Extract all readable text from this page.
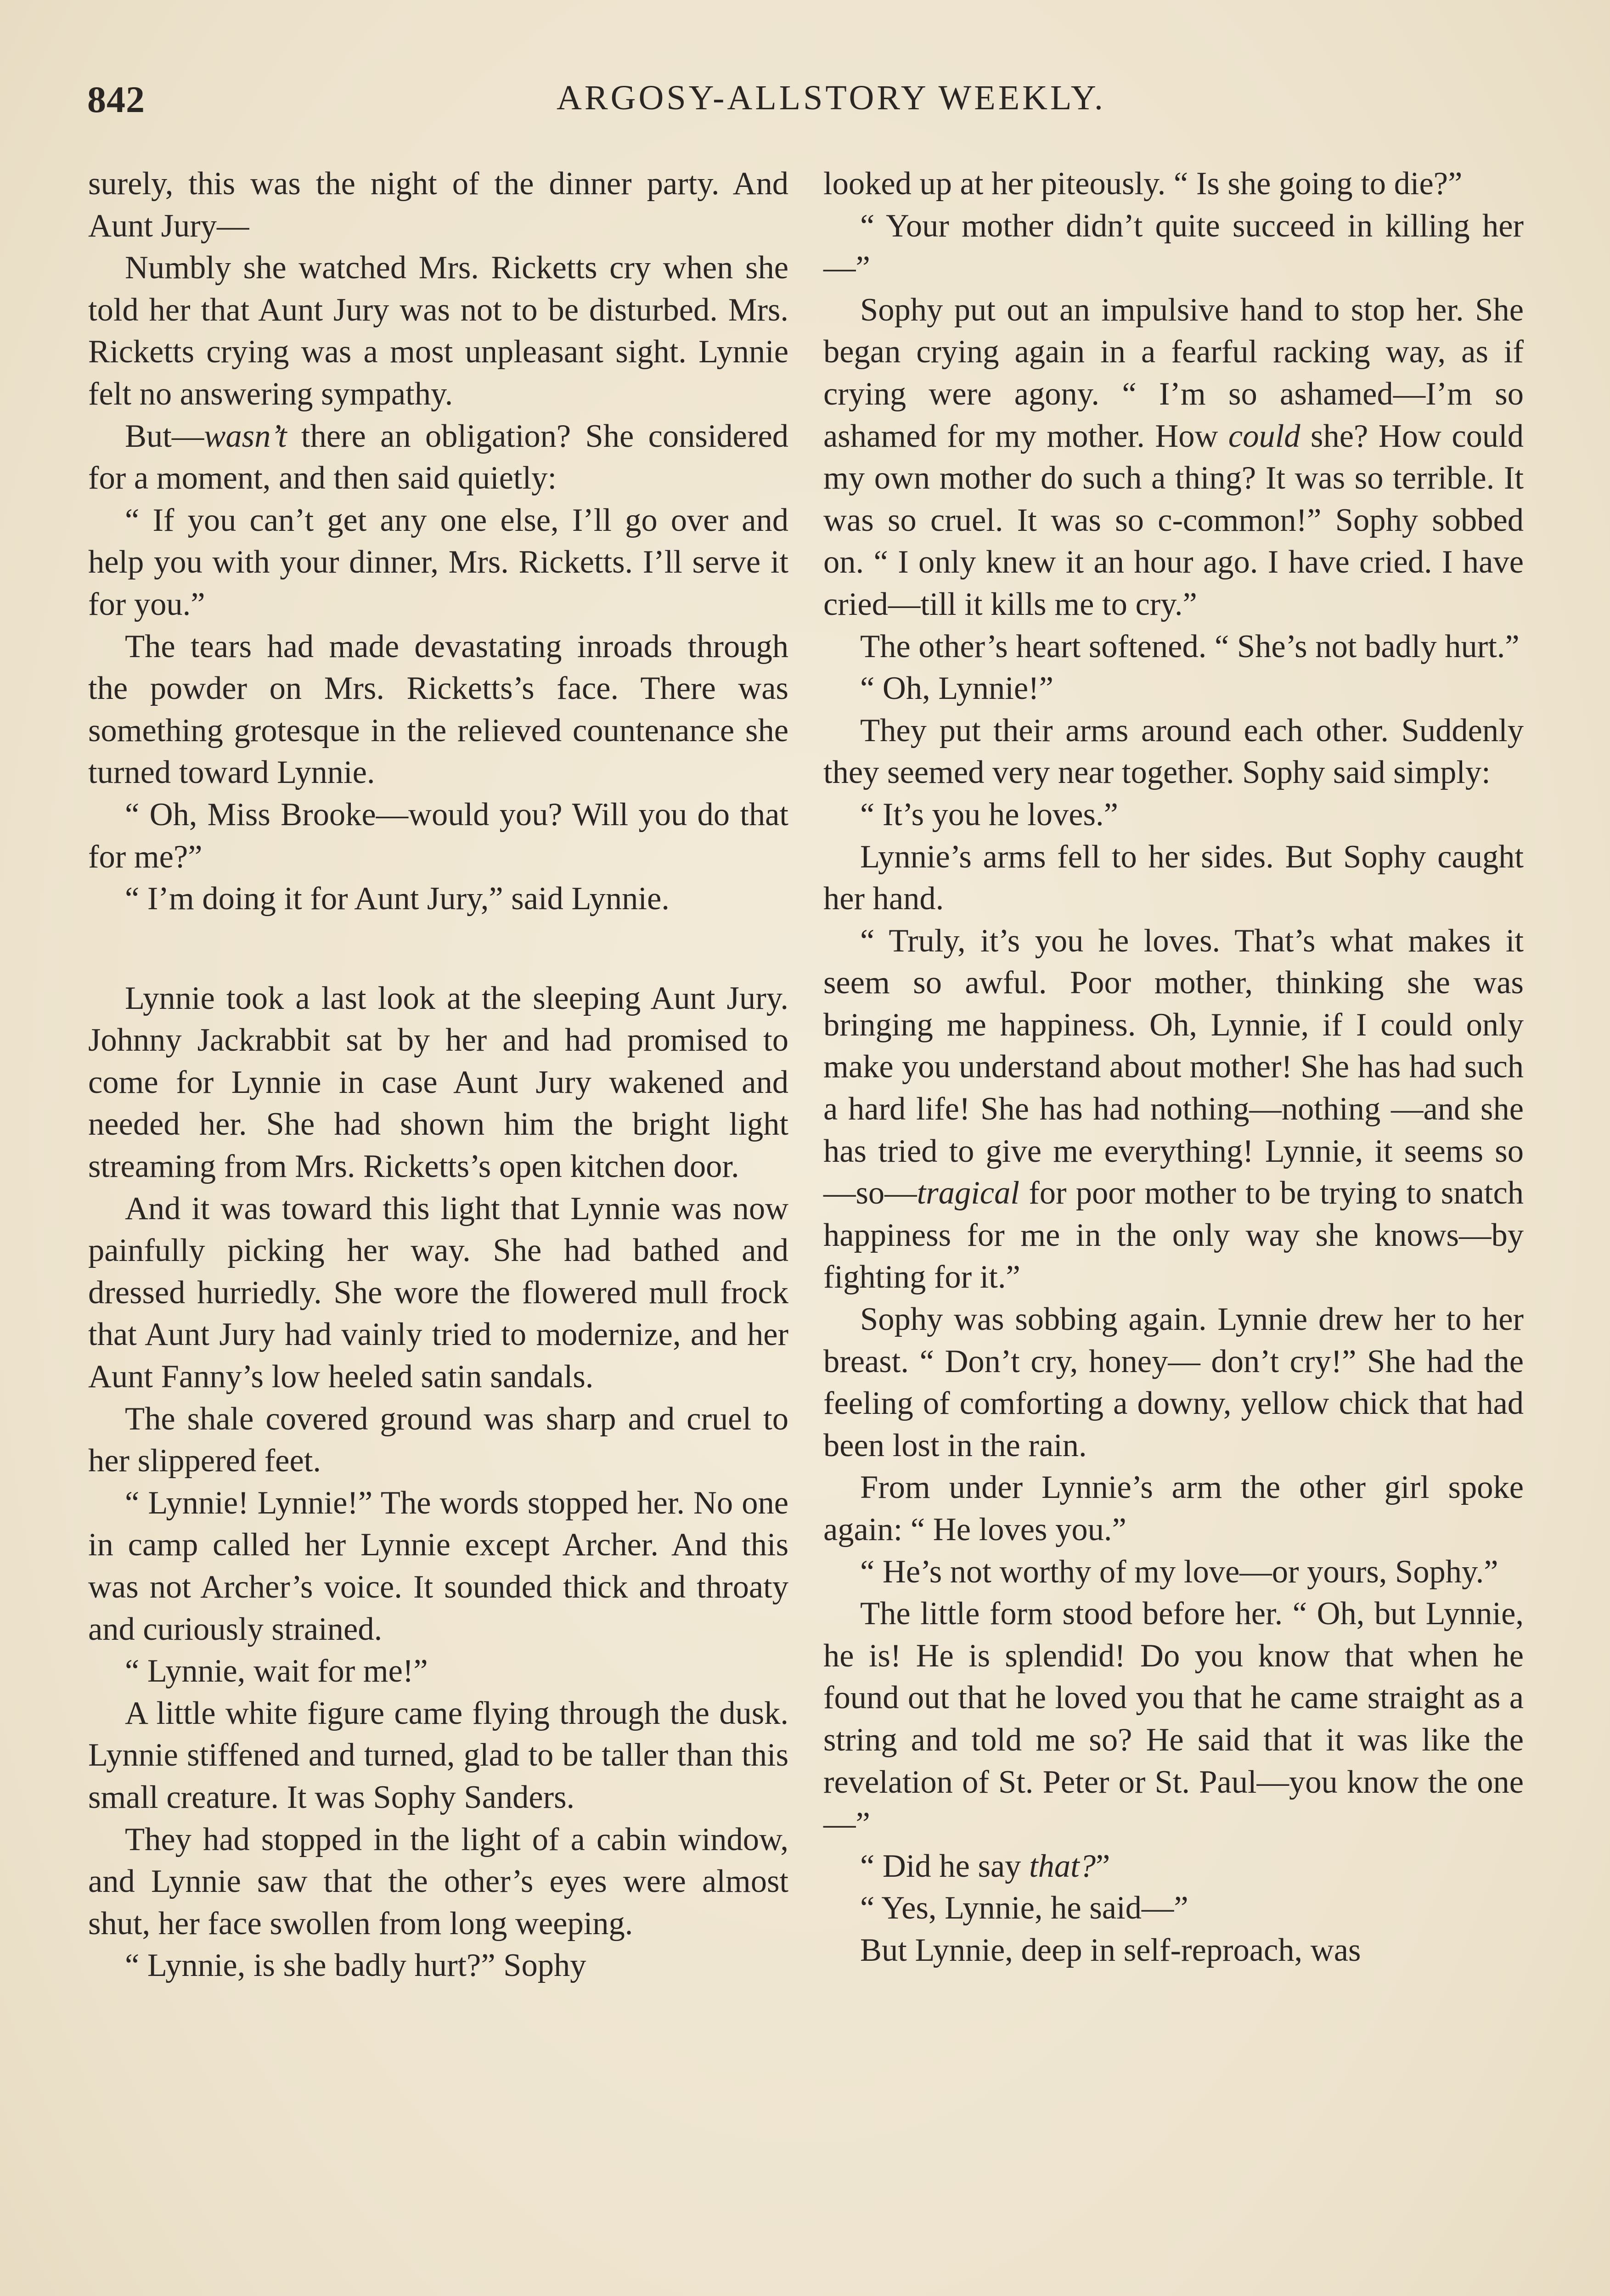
842	ARGOSY-ALLSTORY WEEKLY.

surely, this was the night of the dinner party. And Aunt Jury—

Numbly she watched Mrs. Ricketts cry when she told her that Aunt Jury was not to be disturbed. Mrs. Ricketts crying was a most unpleasant sight. Lynnie felt no answering sympathy.

But—wasn’t there an obligation? She considered for a moment, and then said quietly:

“ If you can’t get any one else, I’ll go over and help you with your dinner, Mrs. Ricketts. I’ll serve it for you.”

The tears had made devastating inroads through the powder on Mrs. Ricketts’s face. There was something grotesque in the relieved countenance she turned toward Lynnie.

“ Oh, Miss Brooke—would you? Will you do that for me?”

“ I’m doing it for Aunt Jury,” said Lynnie.

Lynnie took a last look at the sleeping Aunt Jury. Johnny Jackrabbit sat by her and had promised to come for Lynnie in case Aunt Jury wakened and needed her. She had shown him the bright light streaming from Mrs. Ricketts’s open kitchen door.

And it was toward this light that Lynnie was now painfully picking her way. She had bathed and dressed hurriedly. She wore the flowered mull frock that Aunt Jury had vainly tried to modernize, and her Aunt Fanny’s low heeled satin sandals.

The shale covered ground was sharp and cruel to her slippered feet.

“ Lynnie! Lynnie!” The words stopped her. No one in camp called her Lynnie except Archer. And this was not Archer’s voice. It sounded thick and throaty and curiously strained.

“ Lynnie, wait for me!”

A little white figure came flying through the dusk. Lynnie stiffened and turned, glad to be taller than this small creature. It was Sophy Sanders.

They had stopped in the light of a cabin window, and Lynnie saw that the other’s eyes were almost shut, her face swollen from long weeping.

“ Lynnie, is she badly hurt?” Sophy

looked up at her piteously. “ Is she going to die?”

“ Your mother didn’t quite succeed in killing her—”

Sophy put out an impulsive hand to stop her. She began crying again in a fearful racking way, as if crying were agony. “ I’m so ashamed—I’m so ashamed for my mother. How could she? How could my own mother do such a thing? It was so terrible. It was so cruel. It was so c-common!” Sophy sobbed on. “ I only knew it an hour ago. I have cried. I have cried—till it kills me to cry.”

The other’s heart softened. “ She’s not badly hurt.”

“ Oh, Lynnie!”

They put their arms around each other. Suddenly they seemed very near together. Sophy said simply:

“ It’s you he loves.”

Lynnie’s arms fell to her sides. But Sophy caught her hand.

“ Truly, it’s you he loves. That’s what makes it seem so awful. Poor mother, thinking she was bringing me happiness. Oh, Lynnie, if I could only make you understand about mother! She has had such a hard life! She has had nothing—nothing —and she has tried to give me everything! Lynnie, it seems so—so—tragical for poor mother to be trying to snatch happiness for me in the only way she knows—by fighting for it.”

Sophy was sobbing again. Lynnie drew her to her breast. “ Don’t cry, honey— don’t cry!” She had the feeling of comforting a downy, yellow chick that had been lost in the rain.

From under Lynnie’s arm the other girl spoke again: “ He loves you.”

“ He’s not worthy of my love—or yours, Sophy.”

The little form stood before her. “ Oh, but Lynnie, he is! He is splendid! Do you know that when he found out that he loved you that he came straight as a string and told me so? He said that it was like the revelation of St. Peter or St. Paul—you know the one—”

“ Did he say that?”

“ Yes, Lynnie, he said—”

But Lynnie, deep in self-reproach, was
